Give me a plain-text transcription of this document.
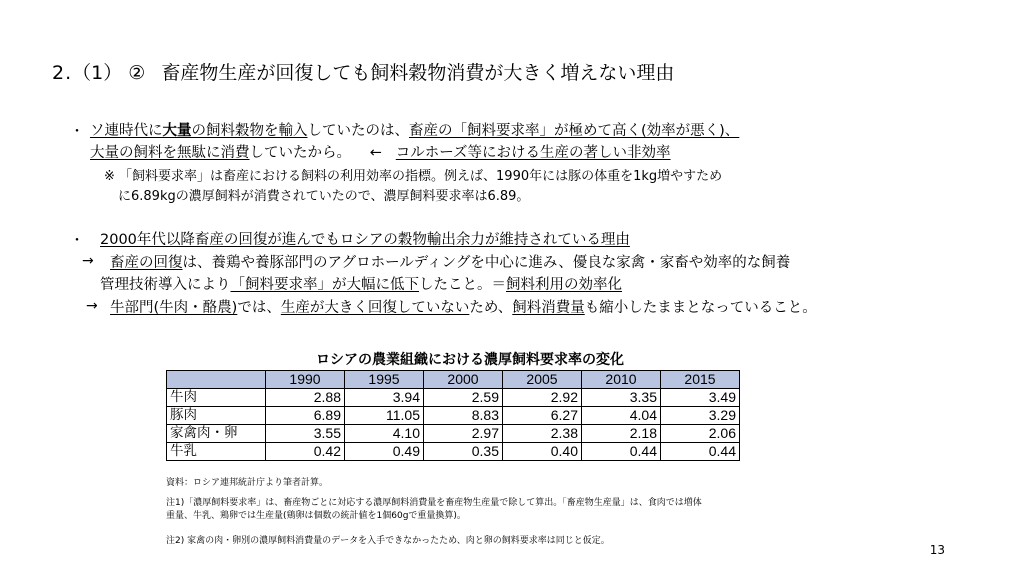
2.（1） ② 畜産物生産が回復しても飼料穀物消費が大きく増えない理由
・ ソ連時代に大量の飼料穀物を輸入していたのは、畜産の「飼料要求率」が極めて高く(効率が悪く)、
大量の飼料を無駄に消費していたから。 ← コルホーズ等における生産の著しい非効率
※ 「飼料要求率」は畜産における飼料の利用効率の指標。例えば、1990年には豚の体重を1kg増やすため
に6.89kgの濃厚飼料が消費されていたので、濃厚飼料要求率は6.89。
・ 2000年代以降畜産の回復が進んでもロシアの穀物輸出余力が維持されている理由
→ 畜産の回復は、養鶏や養豚部門のアグロホールディングを中心に進み、優良な家禽・家畜や効率的な飼養
管理技術導入により「飼料要求率」が大幅に低下したこと。＝飼料利用の効率化
→ 牛部門(牛肉・酪農)では、生産が大きく回復していないため、飼料消費量も縮小したままとなっていること。
ロシアの農業組織における濃厚飼料要求率の変化
	1990	1995	2000	2005	2010	2015
牛肉	2.88	3.94	2.59	2.92	3.35	3.49
豚肉	6.89	11.05	8.83	6.27	4.04	3.29
家禽肉・卵	3.55	4.10	2.97	2.38	2.18	2.06
牛乳	0.42	0.49	0.35	0.40	0.44	0.44
資料：ロシア連邦統計庁より筆者計算。
注1)「濃厚飼料要求率」は、畜産物ごとに対応する濃厚飼料消費量を畜産物生産量で除して算出。「畜産物生産量」は、食肉では増体
重量、牛乳、鶏卵では生産量(鶏卵は個数の統計値を1個60gで重量換算)。
注2) 家禽の肉・卵別の濃厚飼料消費量のデータを入手できなかったため、肉と卵の飼料要求率は同じと仮定。
13
